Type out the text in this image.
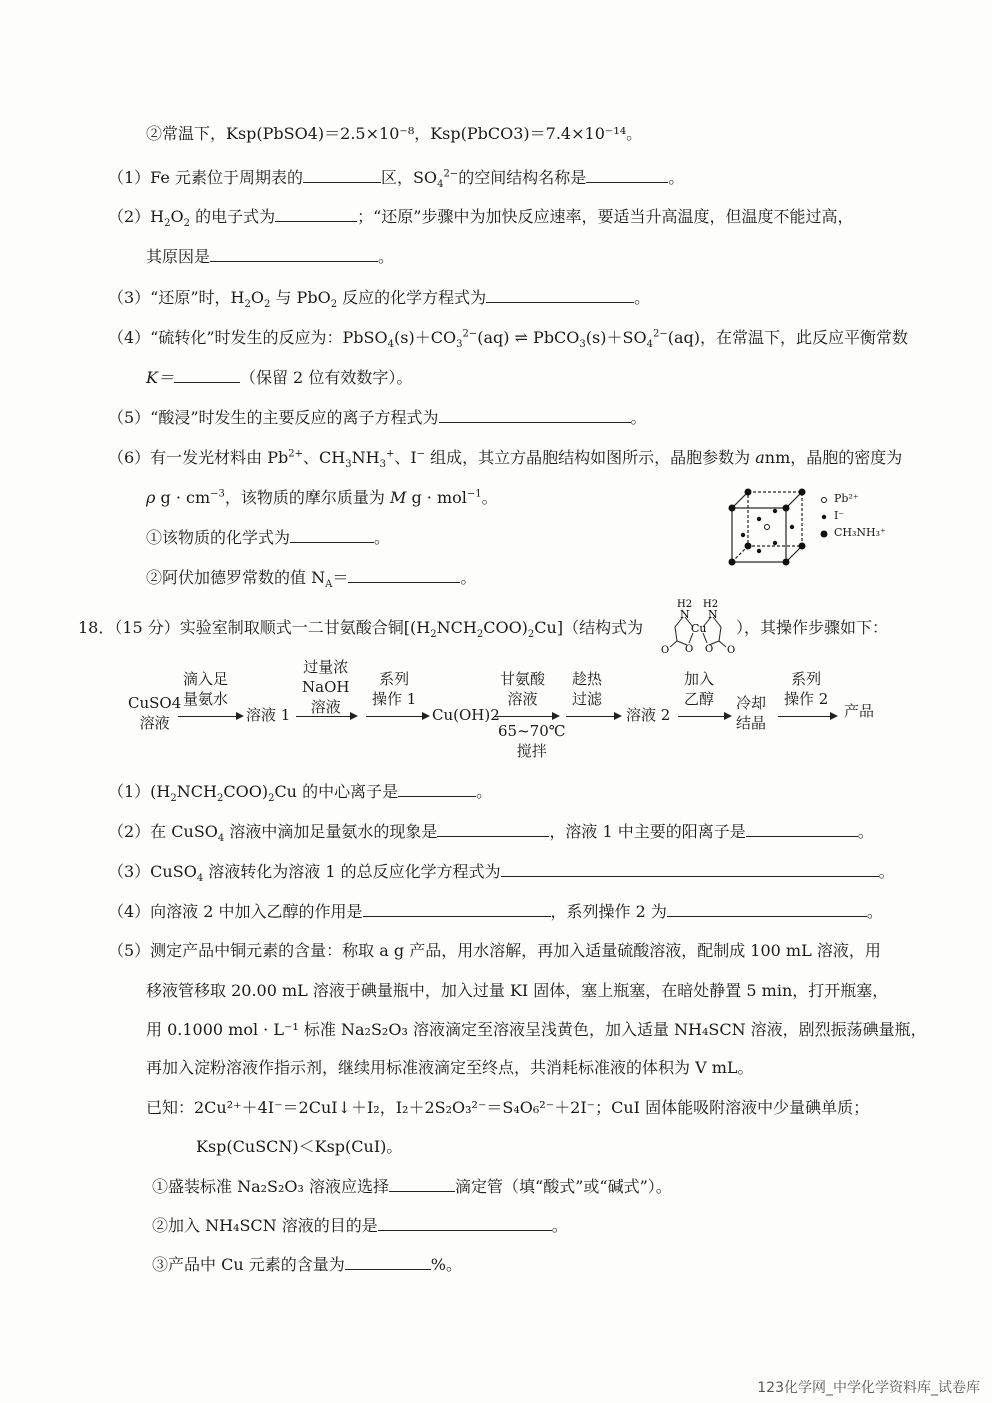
②常温下，Ksp(PbSO4)＝2.5×10⁻⁸，Ksp(PbCO3)＝7.4×10⁻¹⁴。
（1）Fe 元素位于周期表的	区，$SO_4^{2-}$的空间结构名称是	。
$(2)H_2O_2$ 的电子式为	；“还原”步骤中为加快反应速率，要适当升高温度，但温度不能过高，
其原因是	。
（3）“还原”时，$H_2O_2$ 与 PbO$_2$ 反应的化学方程式为	。
（4）“硫转化”时发生的反应为：$PbSO_4(s)+CO_3^{2-}(aq)$ ⇌ $PbCO_3(s)+SO_4^{2-}(aq)$，在常温下，此反应平衡常数
K＝	（保留 2 位有效数字）。
（5）“酸浸”时发生的主要反应的离子方程式为	。
（6）有一发光材料由 $Pb^{2+}$、$CH_3NH_3^+$、I− 组成，其立方晶胞结构如图所示，晶胞参数为 anm，晶胞的密度为
ρ $g \cdot cm^{-3}$，该物质的摩尔质量为 M g · mol$^{-1}$。
①该物质的化学式为	。
②阿伏加德罗常数的值 $N_A=$	。
Pb²⁺
I⁻
CH₃NH₃⁺
18．（15 分）实验室制取顺式一二甘氨酸合铜$[(H_2NCH_2COO)_2Cu]$（结构式为
H2 H2
N N
Cu
O O
O	O
），其操作步骤如下：
CuSO4
溶液
滴入足
量氨水
溶液 1
过量浓
NaOH
溶液
系列
操作 1
Cu(OH)2
甘氨酸
溶液
65~70℃
搅拌
趁热
过滤
溶液 2
加入
乙醇 冷却
结晶
系列
操作 2
产品
$(1)(H_2NCH_2COO)_2Cu$ 的中心离子是	。
（2）在 CuSO$_4$ 溶液中滴加足量氨水的现象是	，溶液 1 中主要的阳离子是	。
（3）CuSO$_4$ 溶液转化为溶液 1 的总反应化学方程式为	。
（4）向溶液 2 中加入乙醇的作用是	，系列操作 2 为	。
（5）测定产品中铜元素的含量：称取 a g 产品，用水溶解，再加入适量硫酸溶液，配制成 100 mL 溶液，用
移液管移取 20.00 mL 溶液于碘量瓶中，加入过量 KI 固体，塞上瓶塞，在暗处静置 5 min，打开瓶塞，
用 0.1000 mol · L⁻¹ 标准 Na₂S₂O₃ 溶液滴定至溶液呈浅黄色，加入适量 NH₄SCN 溶液，剧烈振荡碘量瓶，
再加入淀粉溶液作指示剂，继续用标准液滴定至终点，共消耗标准液的体积为 V mL。
已知：2Cu²⁺＋4I⁻＝2CuI↓＋I₂，I₂＋2S₂O₃²⁻＝S₄O₆²⁻＋2I⁻；CuI 固体能吸附溶液中少量碘单质；
Ksp(CuSCN)＜Ksp(CuI)。
①盛装标准 Na₂S₂O₃ 溶液应选择	滴定管（填“酸式”或“碱式”）。
②加入 NH₄SCN 溶液的目的是	。
③产品中 Cu 元素的含量为	%。
123化学网_中学化学资料库_试卷库
